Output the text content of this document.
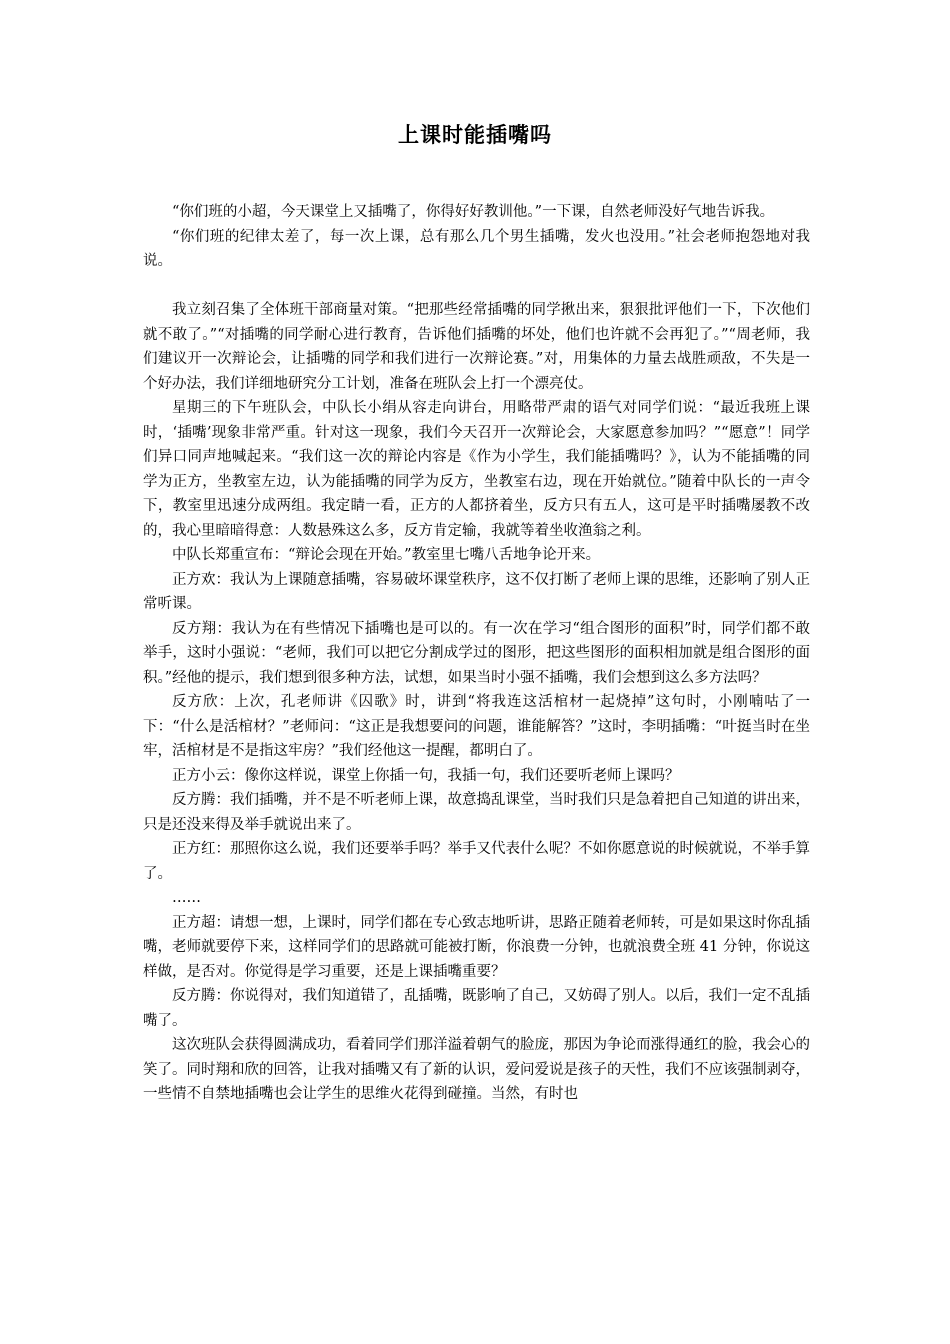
上课时能插嘴吗

“你们班的小超，今天课堂上又插嘴了，你得好好教训他。”一下课，自然老师没好气地告诉我。

“你们班的纪律太差了，每一次上课，总有那么几个男生插嘴，发火也没用。”社会老师抱怨地对我说。

我立刻召集了全体班干部商量对策。“把那些经常插嘴的同学揪出来，狠狠批评他们一下，下次他们就不敢了。”“对插嘴的同学耐心进行教育，告诉他们插嘴的坏处，他们也许就不会再犯了。”“周老师，我们建议开一次辩论会，让插嘴的同学和我们进行一次辩论赛。”对，用集体的力量去战胜顽敌，不失是一个好办法，我们详细地研究分工计划，准备在班队会上打一个漂亮仗。

星期三的下午班队会，中队长小绢从容走向讲台，用略带严肃的语气对同学们说：“最近我班上课时，‘插嘴’现象非常严重。针对这一现象，我们今天召开一次辩论会，大家愿意参加吗？”“愿意”！同学们异口同声地喊起来。“我们这一次的辩论内容是《作为小学生，我们能插嘴吗？》，认为不能插嘴的同学为正方，坐教室左边，认为能插嘴的同学为反方，坐教室右边，现在开始就位。”随着中队长的一声令下，教室里迅速分成两组。我定睛一看，正方的人都挤着坐，反方只有五人，这可是平时插嘴屡教不改的，我心里暗暗得意：人数悬殊这么多，反方肯定输，我就等着坐收渔翁之利。

中队长郑重宣布：“辩论会现在开始。”教室里七嘴八舌地争论开来。

正方欢：我认为上课随意插嘴，容易破坏课堂秩序，这不仅打断了老师上课的思维，还影响了别人正常听课。

反方翔：我认为在有些情况下插嘴也是可以的。有一次在学习“组合图形的面积”时，同学们都不敢举手，这时小强说：“老师，我们可以把它分割成学过的图形，把这些图形的面积相加就是组合图形的面积。”经他的提示，我们想到很多种方法，试想，如果当时小强不插嘴，我们会想到这么多方法吗？

反方欣：上次，孔老师讲《囚歌》时，讲到“将我连这活棺材一起烧掉”这句时，小刚喃咕了一下：“什么是活棺材？”老师问：“这正是我想要问的问题，谁能解答？”这时，李明插嘴：“叶挺当时在坐牢，活棺材是不是指这牢房？”我们经他这一提醒，都明白了。

正方小云：像你这样说，课堂上你插一句，我插一句，我们还要听老师上课吗？

反方腾：我们插嘴，并不是不听老师上课，故意捣乱课堂，当时我们只是急着把自己知道的讲出来，只是还没来得及举手就说出来了。

正方红：那照你这么说，我们还要举手吗？举手又代表什么呢？不如你愿意说的时候就说，不举手算了。

……

正方超：请想一想，上课时，同学们都在专心致志地听讲，思路正随着老师转，可是如果这时你乱插嘴，老师就要停下来，这样同学们的思路就可能被打断，你浪费一分钟，也就浪费全班 41 分钟，你说这样做，是否对。你觉得是学习重要，还是上课插嘴重要？

反方腾：你说得对，我们知道错了，乱插嘴，既影响了自己，又妨碍了别人。以后，我们一定不乱插嘴了。

这次班队会获得圆满成功，看着同学们那洋溢着朝气的脸庞，那因为争论而涨得通红的脸，我会心的笑了。同时翔和欣的回答，让我对插嘴又有了新的认识，爱问爱说是孩子的天性，我们不应该强制剥夺，一些情不自禁地插嘴也会让学生的思维火花得到碰撞。当然，有时也
